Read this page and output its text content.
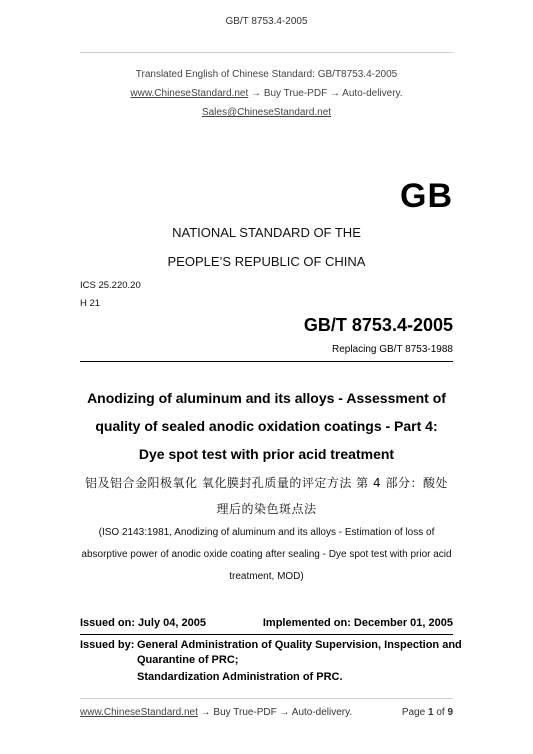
GB/T 8753.4-2005
Translated English of Chinese Standard: GB/T8753.4-2005
www.ChineseStandard.net → Buy True-PDF → Auto-delivery.
Sales@ChineseStandard.net
GB
NATIONAL STANDARD OF THE
PEOPLE’S REPUBLIC OF CHINA
ICS 25.220.20
H 21
GB/T 8753.4-2005
Replacing GB/T 8753-1988
Anodizing of aluminum and its alloys - Assessment of
quality of sealed anodic oxidation coatings - Part 4:
Dye spot test with prior acid treatment
铝及铝合金阳极氧化 氧化膜封孔质量的评定方法 第 4 部分：酸处
理后的染色斑点法
(ISO 2143:1981, Anodizing of aluminum and its alloys - Estimation of loss of
absorptive power of anodic oxide coating after sealing - Dye spot test with prior acid
treatment, MOD)
Issued on: July 04, 2005	Implemented on: December 01, 2005
Issued by: General Administration of Quality Supervision, Inspection and
Quarantine of PRC;
Standardization Administration of PRC.
www.ChineseStandard.net → Buy True-PDF → Auto-delivery.	Page 1 of 9
